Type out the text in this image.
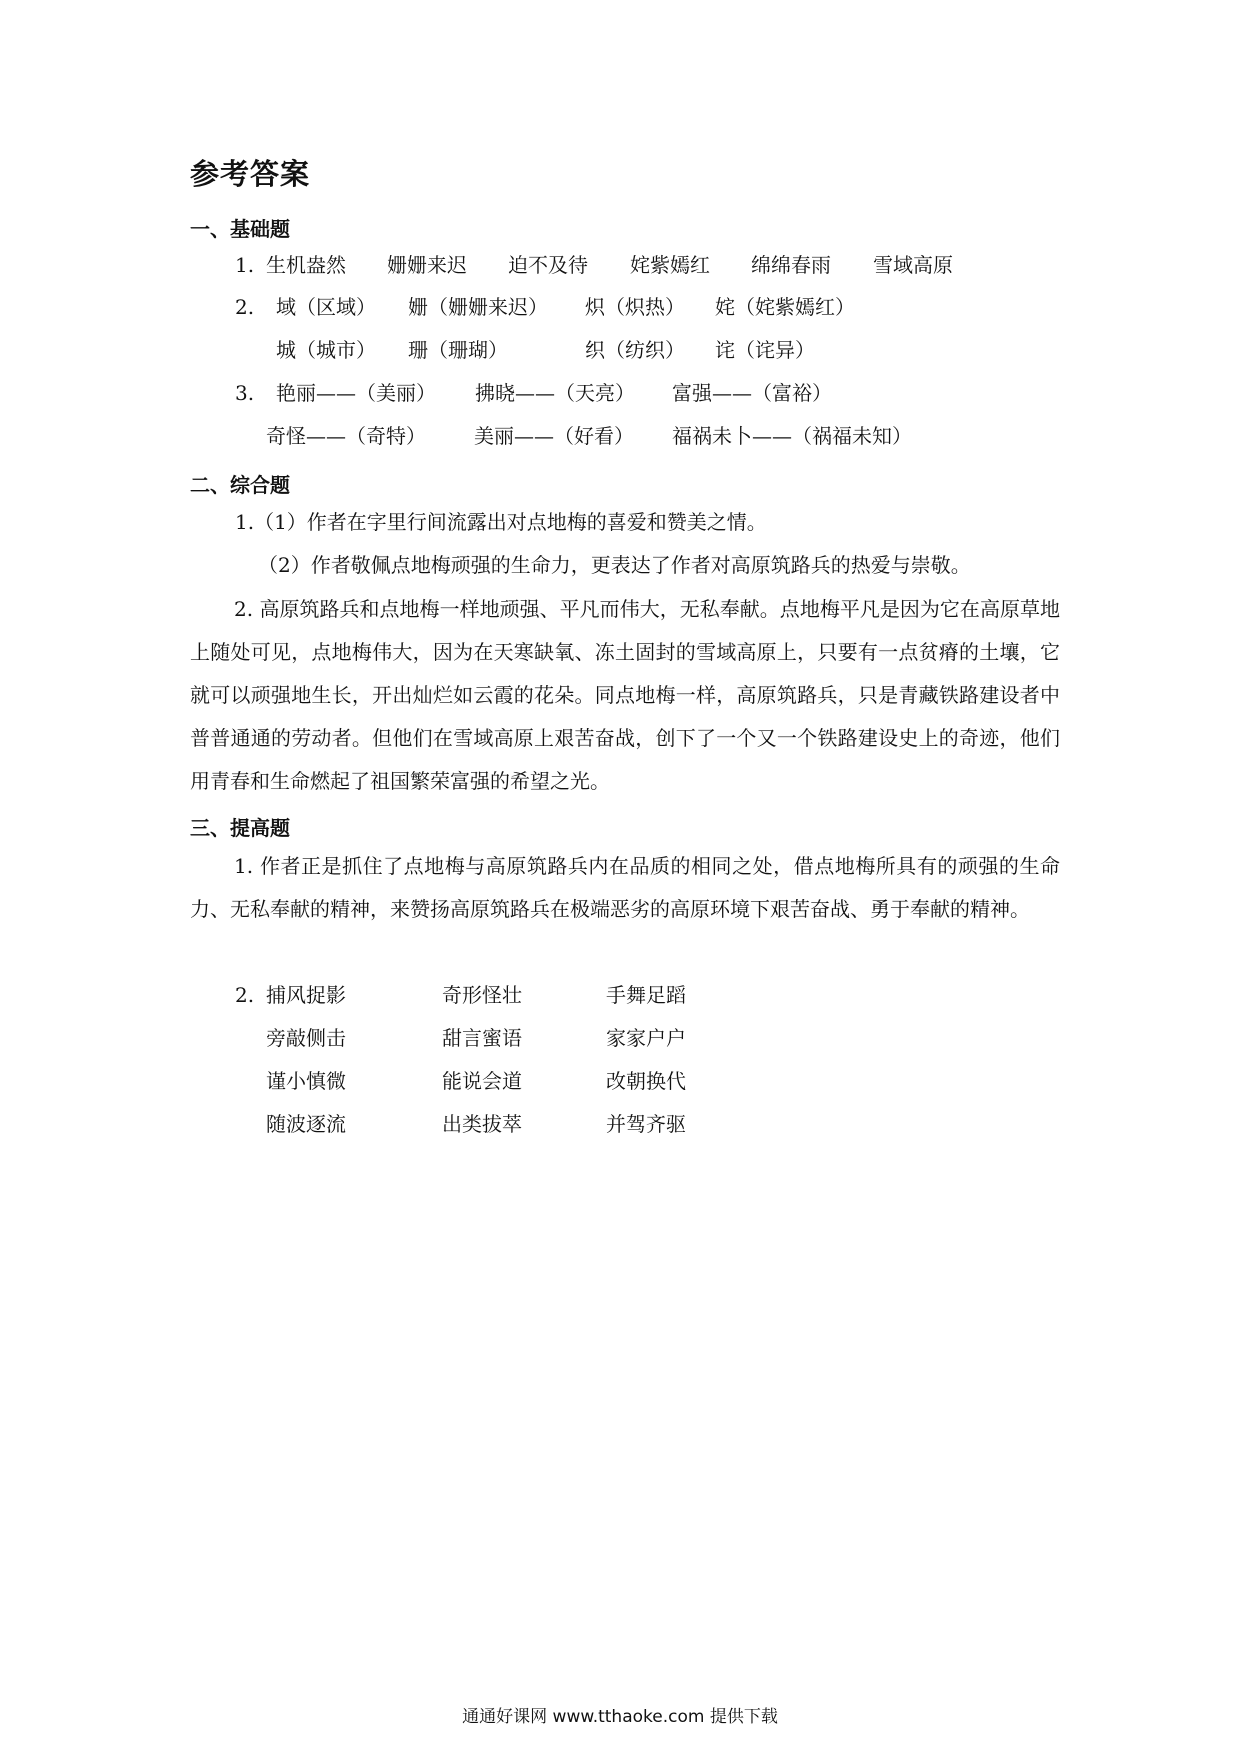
参考答案
一、基础题
1. 生机盎然 姗姗来迟 迫不及待 姹紫嫣红 绵绵春雨 雪域高原
2. 域（区域） 姗（姗姗来迟） 炽（炽热） 姹（姹紫嫣红）
城（城市） 珊（珊瑚）	织（纺织） 诧（诧异）
3. 艳丽——（美丽） 拂晓——（天亮） 富强——（富裕）
奇怪——（奇特） 美丽——（好看） 福祸未卜——（祸福未知）
二、综合题
1.（1）作者在字里行间流露出对点地梅的喜爱和赞美之情。
（2）作者敬佩点地梅顽强的生命力，更表达了作者对高原筑路兵的热爱与崇敬。
2. 高原筑路兵和点地梅一样地顽强、平凡而伟大，无私奉献。点地梅平凡是因为它在高原草地上随处可见，点地梅伟大，因为在天寒缺氧、冻土固封的雪域高原上，只要有一点贫瘠的土壤，它就可以顽强地生长，开出灿烂如云霞的花朵。同点地梅一样，高原筑路兵，只是青藏铁路建设者中普普通通的劳动者。但他们在雪域高原上艰苦奋战，创下了一个又一个铁路建设史上的奇迹，他们用青春和生命燃起了祖国繁荣富强的希望之光。
三、提高题
1. 作者正是抓住了点地梅与高原筑路兵内在品质的相同之处，借点地梅所具有的顽强的生命力、无私奉献的精神，来赞扬高原筑路兵在极端恶劣的高原环境下艰苦奋战、勇于奉献的精神。
2. 捕风捉影	奇形怪壮	手舞足蹈
旁敲侧击	甜言蜜语	家家户户
谨小慎微	能说会道	改朝换代
随波逐流	出类拔萃	并驾齐驱
通通好课网 www.tthaoke.com 提供下载
